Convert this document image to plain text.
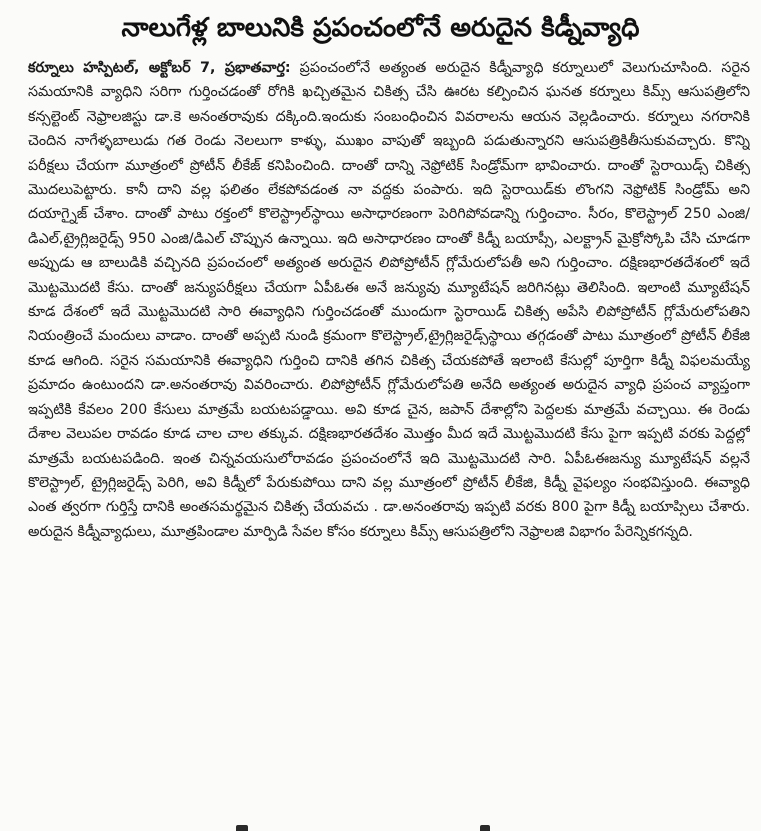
నాలుగేళ్ల బాలునికి ప్రపంచంలోనే అరుదైన కిడ్నీవ్యాధి

కర్నూలు హస్పిటల్, అక్టోబర్ 7, ప్రభాతవార్త: ప్రపంచంలోనే అత్యంత అరుదైన కిడ్నీవ్యాధి కర్నూలులో వెలుగుచూసింది. సరైన సమయానికి వ్యాధిని సరిగా గుర్తించడంతో రోగికి ఖచ్చితమైన చికిత్స చేసి ఊరట కల్పించిన ఘనత కర్నూలు కిమ్స్ ఆసుపత్రిలోని కన్సల్టెంట్ నెఫ్రాలజిస్టు డా.కె అనంతరావుకు దక్కింది.ఇందుకు సంబంధించిన వివరాలను ఆయన వెల్లడించారు. కర్నూలు నగరానికి చెందిన నాగేళ్ళబాలుడు గత రెండు నెలలుగా కాళ్ళు, ముఖం వాపుతో ఇబ్బంది పడుతున్నారని ఆసుపత్రికితీసుకువచ్చారు. కొన్ని పరీక్షలు చేయగా మూత్రంలో ప్రోటీన్ లీకేజ్ కనిపించింది. దాంతో దాన్ని నెఫ్రోటిక్ సిండ్రోమ్‌గా భావించారు. దాంతో స్టెరాయిడ్స్ చికిత్స మొదలుపెట్టారు. కానీ దాని వల్ల ఫలితం లేకపోవడంత నా వద్దకు పంపారు. ఇది స్టెరాయిడ్‌కు లొంగని నెఫ్రోటిక్ సిండ్రోమ్ అని దయాగ్నైజ్ చేశాం. దాంతో పాటు రక్తంలో కొలెస్ట్రాల్‌స్థాయి అసాధారణంగా పెరిగిపోవడాన్ని గుర్తించాం. సీరం, కొలెస్ట్రాల్ 250 ఎంజి/డిఎల్,ట్రైగ్లిజరైడ్స్ 950 ఎంజి/డిఎల్ చొప్పున ఉన్నాయి. ఇది అసాధారణం దాంతో కిడ్నీ బయాప్సీ, ఎలక్ట్రాన్ మైక్రోస్కోపి చేసి చూడగా అప్పుడు ఆ బాలుడికి వచ్చినది ప్రపంచంలో అత్యంత అరుదైన లిపోప్రోటీన్ గ్లోమేరులోపతీ అని గుర్తించాం. దక్షిణభారతదేశంలో ఇదే మొట్టమొదటి కేసు. దాంతో జన్యుపరీక్షలు చేయగా ఏపీఓఈ అనే జన్యువు మ్యూటేషన్ జరిగినట్లు తెలిసింది. ఇలాంటి మ్యూటేషన్ కూడ దేశంలో ఇదే మొట్టమొదటి సారి ఈవ్యాధిని గుర్తించడంతో ముందుగా స్టెరాయిడ్ చికిత్స అపేసి లిపోప్రోటీన్ గ్లోమేరులోపతిని నియంత్రించే మందులు వాడాం. దాంతో అప్పటి నుండి క్రమంగా కొలెస్ట్రాల్,ట్రైగ్లిజరైడ్స్‌స్థాయి తగ్గడంతో పాటు మూత్రంలో ప్రోటీన్ లీకేజి కూడ ఆగింది. సరైన సమయానికి ఈవ్యాధిని గుర్తించి దానికి తగిన చికిత్స చేయకపోతే ఇలాంటి కేసుల్లో పూర్తిగా కిడ్నీ విఫలమయ్యే ప్రమాదం ఉంటుందని డా.అనంతరావు వివరించారు. లిపోప్రోటీన్ గ్లోమేరులోపతి అనేది అత్యంత అరుదైన వ్యాధి ప్రపంచ వ్యాప్తంగా ఇప్పటికి కేవలం 200 కేసులు మాత్రమే బయటపడ్డాయి. అవి కూడ చైన, జపాన్ దేశాల్లోని పెద్దలకు మాత్రమే వచ్చాయి. ఈ రెండు దేశాల వెలుపల రావడం కూడ చాల చాల తక్కువ. దక్షిణభారతదేశం మొత్తం మీద ఇదే మొట్టమొదటి కేసు పైగా ఇప్పటి వరకు పెద్దల్లో మాత్రమే బయటపడింది. ఇంత చిన్నవయసులోరావడం ప్రపంచంలోనే ఇది మొట్టమొదటి సారి. ఏపీఓఈజన్యు మ్యూటేషన్ వల్లనే కొలెస్ట్రాల్, ట్రైగ్లిజరైడ్స్ పెరిగి, అవి కిడ్నీలో పేరుకుపోయి దాని వల్ల మూత్రంలో ప్రోటీన్ లీకేజి, కిడ్నీ వైఫల్యం సంభవిస్తుంది. ఈవ్యాధి ఎంత త్వరగా గుర్తిస్తే దానికి అంతసమర్థమైన చికిత్స చేయవచు . డా.అనంతరావు ఇప్పటి వరకు 800 పైగా కిడ్నీ బయాప్సిలు చేశారు. అరుదైన కిడ్నీవ్యాధులు, మూత్రపిండాల మార్పిడి సేవల కోసం కర్నూలు కిమ్స్ ఆసుపత్రిలోని నెఫ్రాలజి విభాగం పేరెన్నికగన్నది.
